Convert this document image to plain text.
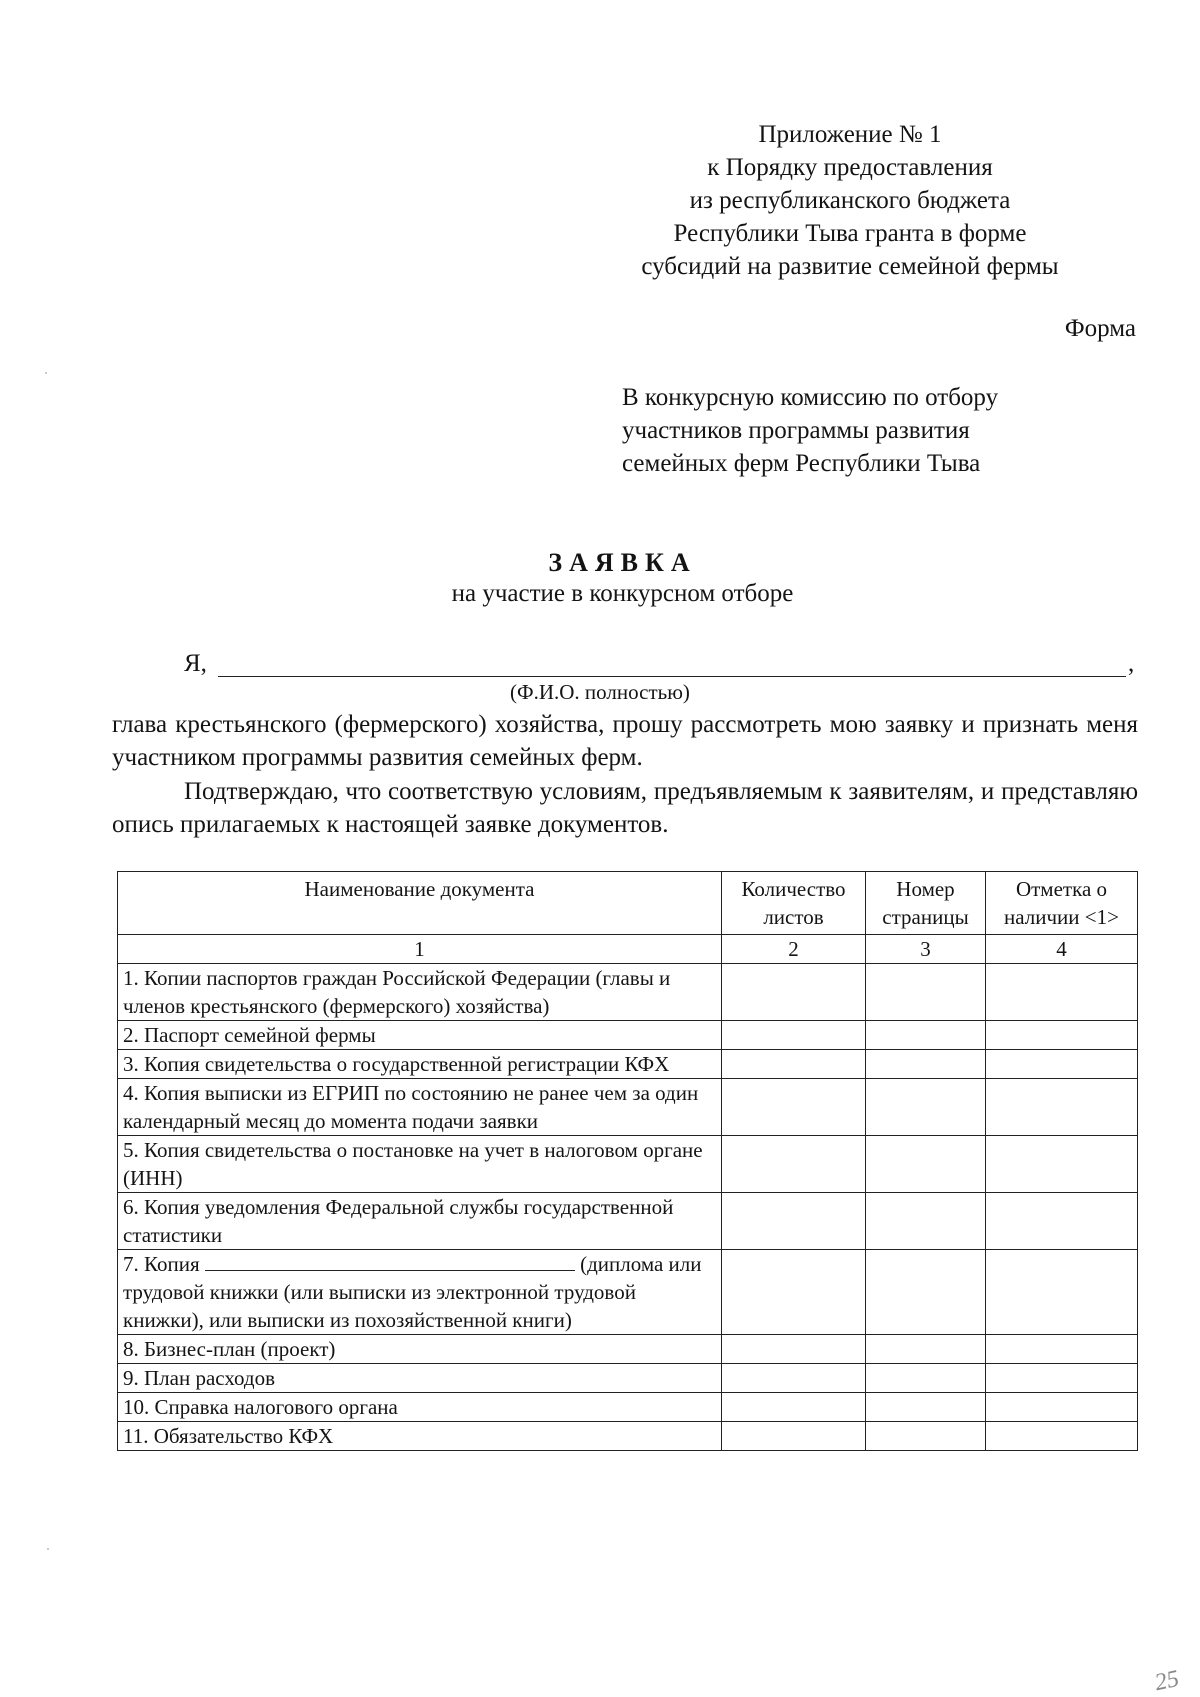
Приложение № 1
к Порядку предоставления
из республиканского бюджета
Республики Тыва гранта в форме
субсидий на развитие семейной фермы
Форма
В конкурсную комиссию по отбору
участников программы развития
семейных ферм Республики Тыва
ЗАЯВКА
на участие в конкурсном отборе
Я,	,
(Ф.И.О. полностью)
глава крестьянского (фермерского) хозяйства, прошу рассмотреть мою заявку и признать меня участником программы развития семейных ферм.
Подтверждаю, что соответствую условиям, предъявляемым к заявителям, и представляю опись прилагаемых к настоящей заявке документов.
Наименование документа	Количество листов	Номер страницы	Отметка о наличии <1>
1	2	3	4
1. Копии паспортов граждан Российской Федерации (главы и членов крестьянского (фермерского) хозяйства)			
2. Паспорт семейной фермы			
3. Копия свидетельства о государственной регистрации КФХ			
4. Копия выписки из ЕГРИП по состоянию не ранее чем за один календарный месяц до момента подачи заявки			
5. Копия свидетельства о постановке на учет в налоговом органе (ИНН)			
6. Копия уведомления Федеральной службы государственной статистики			
7. Копия (диплома или трудовой книжки (или выписки из электронной трудовой книжки), или выписки из похозяйственной книги)			
8. Бизнес-план (проект)			
9. План расходов			
10. Справка налогового органа			
11. Обязательство КФХ			
25
